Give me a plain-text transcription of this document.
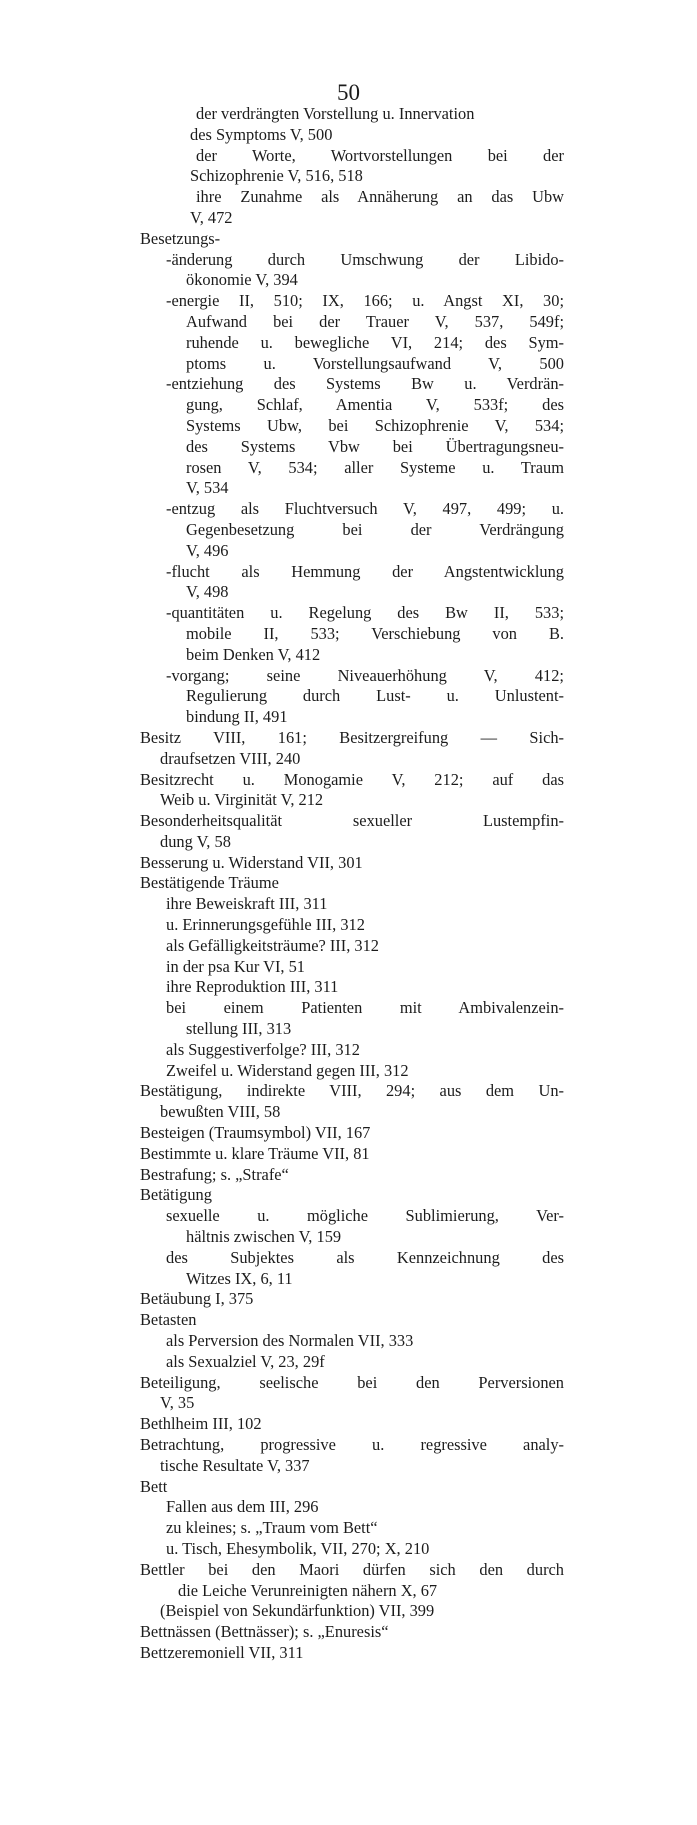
50
der verdrängten Vorstellung u. Innervation
des Symptoms V, 500
der Worte, Wortvorstellungen bei der
Schizophrenie V, 516, 518
ihre Zunahme als Annäherung an das Ubw
V, 472
Besetzungs-
-änderung durch Umschwung der Libido-
ökonomie V, 394
-energie II, 510; IX, 166; u. Angst XI, 30;
Aufwand bei der Trauer V, 537, 549f;
ruhende u. bewegliche VI, 214; des Sym-
ptoms u. Vorstellungsaufwand V, 500
-entziehung des Systems Bw u. Verdrän-
gung, Schlaf, Amentia V, 533f; des
Systems Ubw, bei Schizophrenie V, 534;
des Systems Vbw bei Übertragungsneu-
rosen V, 534; aller Systeme u. Traum
V, 534
-entzug als Fluchtversuch V, 497, 499; u.
Gegenbesetzung bei der Verdrängung
V, 496
-flucht als Hemmung der Angstentwicklung
V, 498
-quantitäten u. Regelung des Bw II, 533;
mobile II, 533; Verschiebung von B.
beim Denken V, 412
-vorgang; seine Niveauerhöhung V, 412;
Regulierung durch Lust- u. Unlustent-
bindung II, 491
Besitz VIII, 161; Besitzergreifung — Sich-
draufsetzen VIII, 240
Besitzrecht u. Monogamie V, 212; auf das
Weib u. Virginität V, 212
Besonderheitsqualität sexueller Lustempfin-
dung V, 58
Besserung u. Widerstand VII, 301
Bestätigende Träume
ihre Beweiskraft III, 311
u. Erinnerungsgefühle III, 312
als Gefälligkeitsträume? III, 312
in der psa Kur VI, 51
ihre Reproduktion III, 311
bei einem Patienten mit Ambivalenzein-
stellung III, 313
als Suggestiverfolge? III, 312
Zweifel u. Widerstand gegen III, 312
Bestätigung, indirekte VIII, 294; aus dem Un-
bewußten VIII, 58
Besteigen (Traumsymbol) VII, 167
Bestimmte u. klare Träume VII, 81
Bestrafung; s. „Strafe“
Betätigung
sexuelle u. mögliche Sublimierung, Ver-
hältnis zwischen V, 159
des Subjektes als Kennzeichnung des
Witzes IX, 6, 11
Betäubung I, 375
Betasten
als Perversion des Normalen VII, 333
als Sexualziel V, 23, 29f
Beteiligung, seelische bei den Perversionen
V, 35
Bethlheim III, 102
Betrachtung, progressive u. regressive analy-
tische Resultate V, 337
Bett
Fallen aus dem III, 296
zu kleines; s. „Traum vom Bett“
u. Tisch, Ehesymbolik, VII, 270; X, 210
Bettler bei den Maori dürfen sich den durch
die Leiche Verunreinigten nähern X, 67
(Beispiel von Sekundärfunktion) VII, 399
Bettnässen (Bettnässer); s. „Enuresis“
Bettzeremoniell VII, 311
